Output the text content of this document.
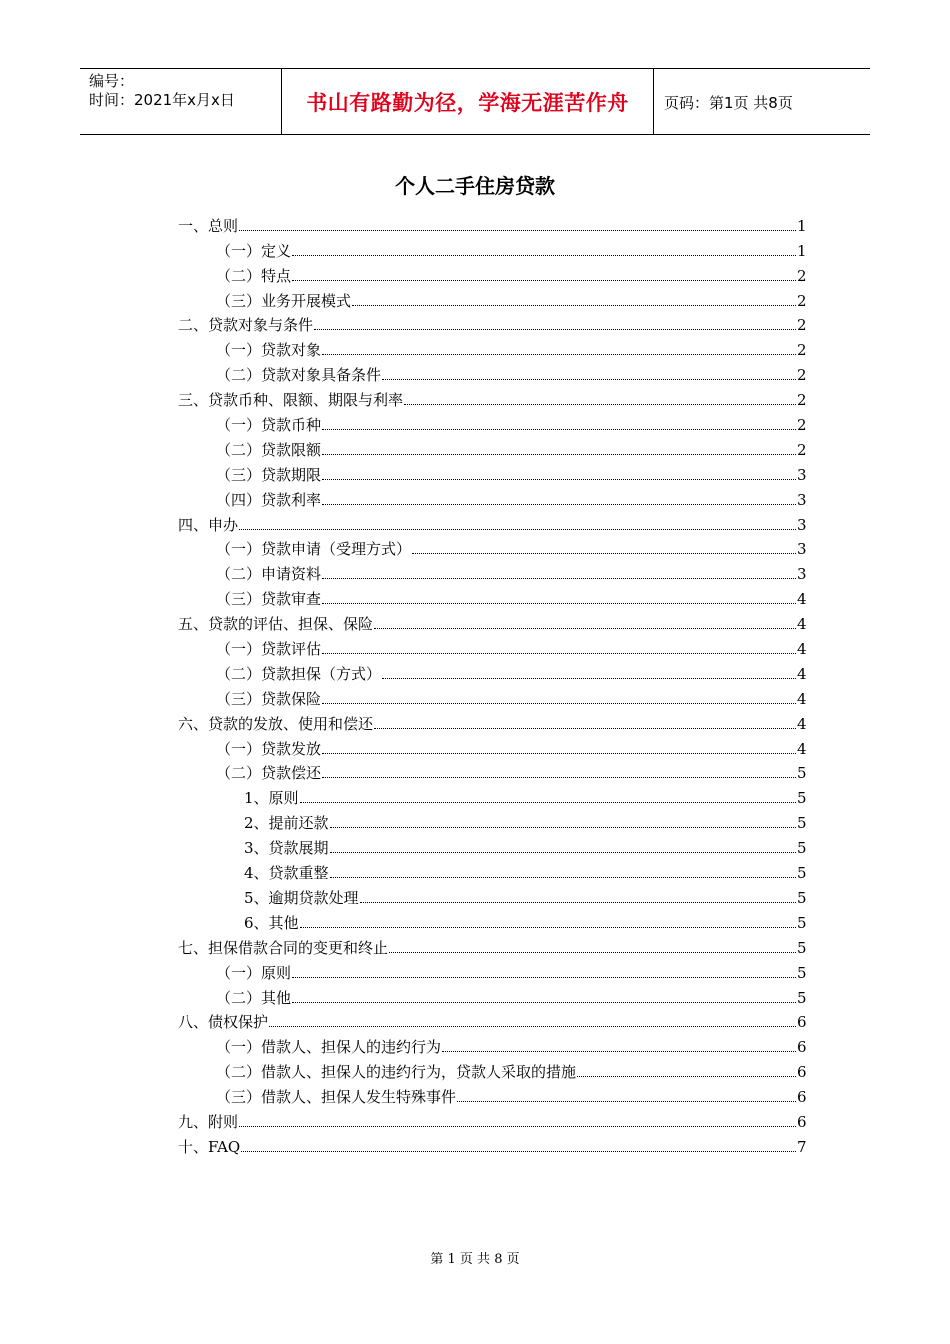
编号：
时间：2021年x月x日	书山有路勤为径，学海无涯苦作舟	页码：第1页 共8页
个人二手住房贷款
一、总则	1
（一）定义	1
（二）特点	2
（三）业务开展模式	2
二、贷款对象与条件	2
（一）贷款对象	2
（二）贷款对象具备条件	2
三、贷款币种、限额、期限与利率	2
（一）贷款币种	2
（二）贷款限额	2
（三）贷款期限	3
（四）贷款利率	3
四、申办	3
（一）贷款申请（受理方式）	3
（二）申请资料	3
（三）贷款审查	4
五、贷款的评估、担保、保险	4
（一）贷款评估	4
（二）贷款担保（方式）	4
（三）贷款保险	4
六、贷款的发放、使用和偿还	4
（一）贷款发放	4
（二）贷款偿还	5
1、原则	5
2、提前还款	5
3、贷款展期	5
4、贷款重整	5
5、逾期贷款处理	5
6、其他	5
七、担保借款合同的变更和终止	5
（一）原则	5
（二）其他	5
八、债权保护	6
（一）借款人、担保人的违约行为	6
（二）借款人、担保人的违约行为，贷款人采取的措施	6
（三）借款人、担保人发生特殊事件	6
九、附则	6
十、FAQ	7
第 1 页 共 8 页
